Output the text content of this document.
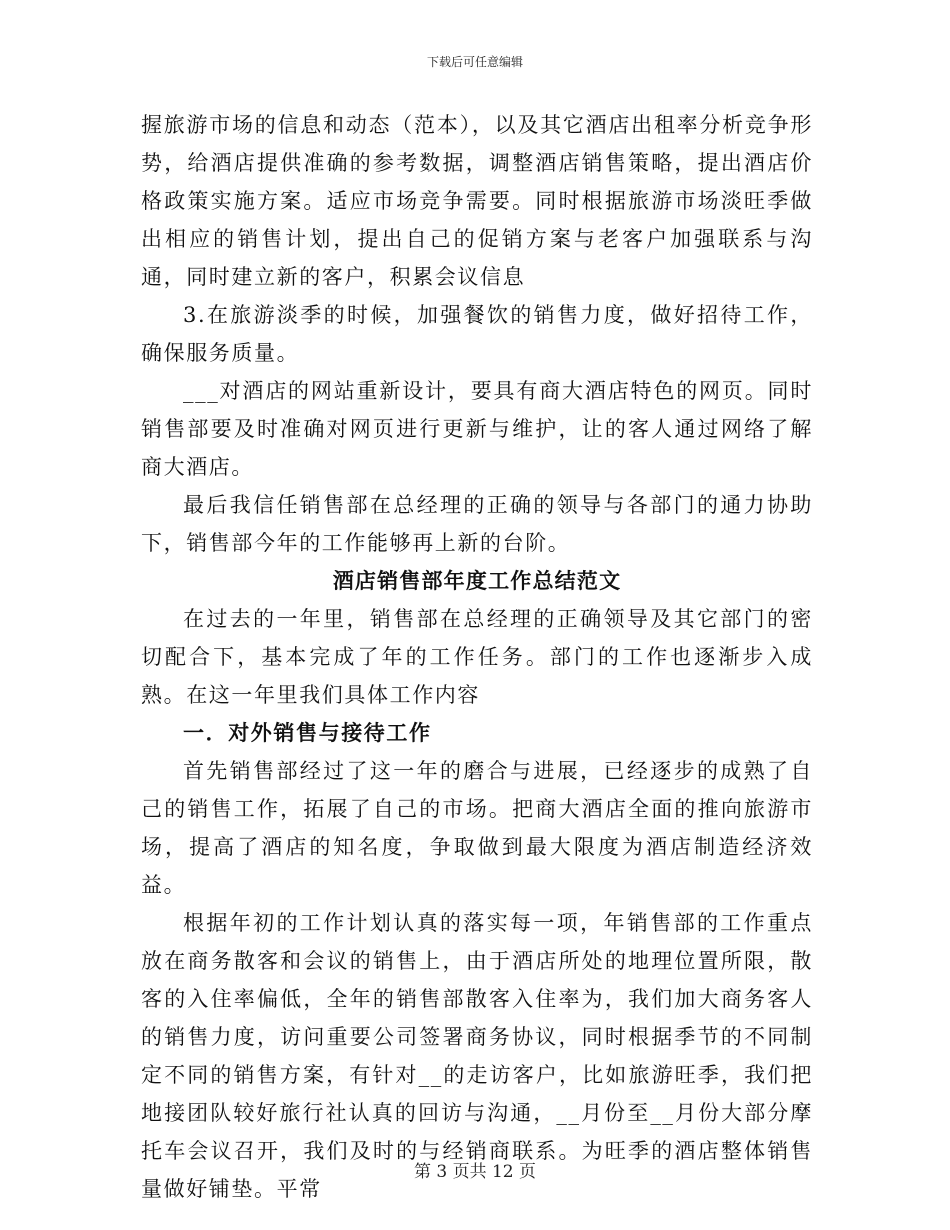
下载后可任意编辑

握旅游市场的信息和动态（范本），以及其它酒店出租率分析竞争形势，给酒店提供准确的参考数据，调整酒店销售策略，提出酒店价格政策实施方案。适应市场竞争需要。同时根据旅游市场淡旺季做出相应的销售计划，提出自己的促销方案与老客户加强联系与沟通，同时建立新的客户，积累会议信息

3.在旅游淡季的时候，加强餐饮的销售力度，做好招待工作，确保服务质量。

___对酒店的网站重新设计，要具有商大酒店特色的网页。同时销售部要及时准确对网页进行更新与维护，让的客人通过网络了解商大酒店。

最后我信任销售部在总经理的正确的领导与各部门的通力协助下，销售部今年的工作能够再上新的台阶。

酒店销售部年度工作总结范文

在过去的一年里，销售部在总经理的正确领导及其它部门的密切配合下，基本完成了年的工作任务。部门的工作也逐渐步入成熟。在这一年里我们具体工作内容

一．对外销售与接待工作

首先销售部经过了这一年的磨合与进展，已经逐步的成熟了自己的销售工作，拓展了自己的市场。把商大酒店全面的推向旅游市场，提高了酒店的知名度，争取做到最大限度为酒店制造经济效益。

根据年初的工作计划认真的落实每一项，年销售部的工作重点放在商务散客和会议的销售上，由于酒店所处的地理位置所限，散客的入住率偏低，全年的销售部散客入住率为，我们加大商务客人的销售力度，访问重要公司签署商务协议，同时根据季节的不同制定不同的销售方案，有针对__的走访客户，比如旅游旺季，我们把地接团队较好旅行社认真的回访与沟通，__月份至__月份大部分摩托车会议召开，我们及时的与经销商联系。为旺季的酒店整体销售量做好铺垫。平常

第 3 页共 12 页
